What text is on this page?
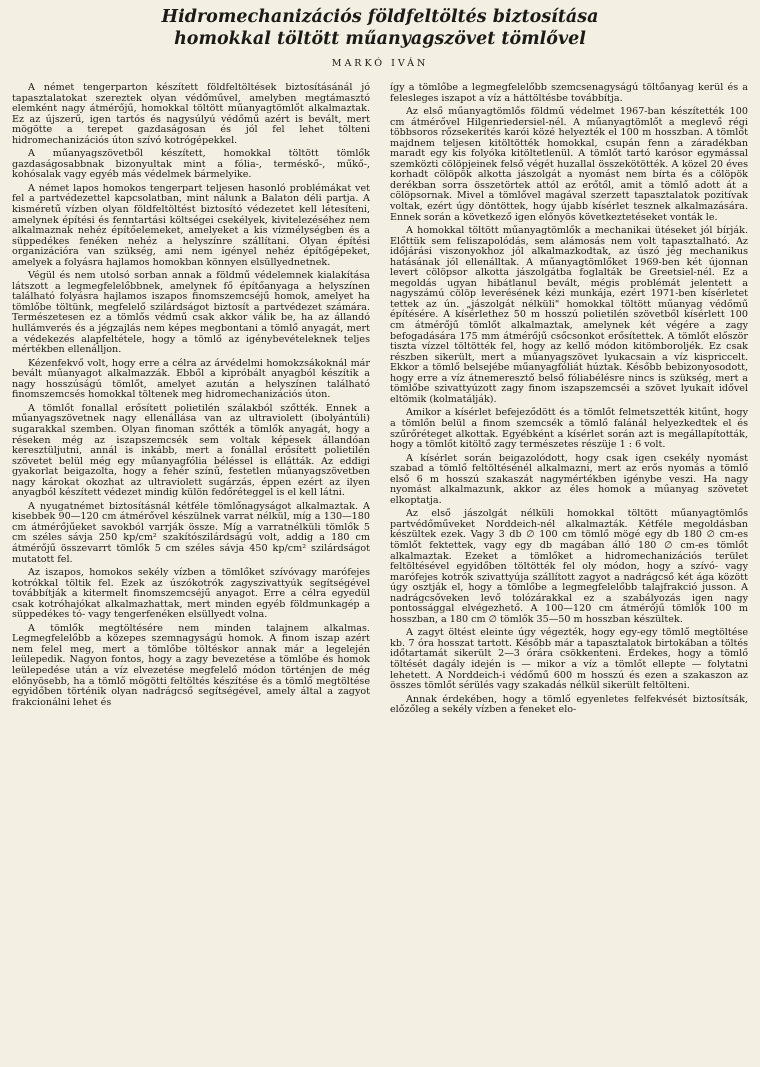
Hidromechanizációs földfeltöltés biztosítása
homokkal töltött műanyagszövet tömlővel
MARKÓ IVÁN

A német tengerparton készített földfeltöltések biztosításánál jó tapasztalatokat szereztek olyan védőművel, amelyben megtámasztó elemként nagy átmérőjű, homokkal töltött műanyagtömlőt alkalmaztak. Ez az újszerű, igen tartós és nagysúlyú védőmű azért is bevált, mert mögötte a terepet gazdaságosan és jól fel lehet tölteni hidromechanizációs úton szívó kotrógépekkel.

A műanyagszövetből készített, homokkal töltött tömlők gazdaságosabbnak bizonyultak mint a fólia-, terméskő-, műkő-, kohósalak vagy egyéb más védelmek bármelyike.

A német lapos homokos tengerpart teljesen hasonló problémákat vet fel a partvédezettel kapcsolatban, mint nálunk a Balaton déli partja. A kisméretű vízben olyan földfeltöltést biztosító védezetet kell létesíteni, amelynek építési és fenntartási költségei csekélyek, kivitelezéséhez nem alkalmaznak nehéz építőelemeket, amelyeket a kis vízmélységben és a süppedékes fenéken nehéz a helyszínre szállítani. Olyan építési organizációra van szükség, ami nem igényel nehéz építőgépeket, amelyek a folyásra hajlamos homokban könnyen elsüllyednetnek.

Végül és nem utolsó sorban annak a földmű védelemnek kialakítása látszott a legmegfelelőbbnek, amelynek fő építőanyaga a helyszínen található folyásra hajlamos iszapos finomszemcséjű homok, amelyet ha tömlőbe töltünk, megfelelő szilárdságot biztosít a partvédezet számára. Természetesen ez a tömlős védmű csak akkor válik be, ha az állandó hullámverés és a jégzajlás nem képes megbontani a tömlő anyagát, mert a védekezés alapfeltétele, hogy a tömlő az igénybevételeknek teljes mértékben ellenálljon.

Kézenfekvő volt, hogy erre a célra az árvédelmi homokzsákoknál már bevált műanyagot alkalmazzák. Ebből a kipróbált anyagból készítik a nagy hosszúságú tömlőt, amelyet azután a helyszínen található finomszemcsés homokkal töltenek meg hidromechanizációs úton.

A tömlőt fonallal erősített polietilén szálakból szőtték. Ennek a műanyagszövetnek nagy ellenállása van az ultraviolett (ibolyántúli) sugarakkal szemben. Olyan finoman szőtték a tömlők anyagát, hogy a réseken még az iszapszemcsék sem voltak képesek állandóan keresztüljutni, annál is inkább, mert a fonállal erősített polietilén szövetet belül még egy műanyagfólia béléssel is ellátták. Az eddigi gyakorlat beigazolta, hogy a fehér színű, festetlen műanyagszövetben nagy károkat okozhat az ultraviolett sugárzás, éppen ezért az ilyen anyagból készített védezet mindig külön fedőréteggel is el kell látni.

A nyugatnémet biztosításnál kétféle tömlőnagyságot alkalmaztak. A kisebbek 90—120 cm átmérővel készülnek varrat nélkül, míg a 130—180 cm átmérőjűeket savokból varrják össze. Míg a varratnélküli tömlők 5 cm széles sávja 250 kp/cm² szakítószilárdságú volt, addig a 180 cm átmérőjű összevarrt tömlők 5 cm széles sávja 450 kp/cm² szilárdságot mutatott fel.

Az iszapos, homokos sekély vízben a tömlőket szívóvagy marófejes kotrókkal töltik fel. Ezek az úszókotrók zagyszivattyúk segítségével továbbítják a kitermelt finomszemcséjű anyagot. Erre a célra egyedül csak kotróhajókat alkalmazhattak, mert minden egyéb földmunkagép a süppedékes tó- vagy tengerfenéken elsüllyedt volna.

A tömlők megtöltésére nem minden talajnem alkalmas. Legmegfelelőbb a közepes szemnagyságú homok. A finom iszap azért nem felel meg, mert a tömlőbe töltéskor annak már a legelején leülepedik. Nagyon fontos, hogy a zagy bevezetése a tömlőbe és homok leülepedése után a víz elvezetése megfelelő módon történjen de még előnyösebb, ha a tömlő mögötti feltöltés készítése és a tömlő megtöltése egyidőben történik olyan nadrágcső segítségével, amely által a zagyot frakcionálni lehet és

így a tömlőbe a legmegfelelőbb szemcsenagyságú töltőanyag kerül és a felesleges iszapot a víz a háttöltésbe továbbítja.

Az első műanyagtömlős földmű védelmet 1967-ban készítették 100 cm átmérővel Hilgenriedersiel-nél. A műanyagtömlőt a meglevő régi többsoros rőzsekerítés karói közé helyezték el 100 m hosszban. A tömlőt majdnem teljesen kitöltötték homokkal, csupán fenn a záradékban maradt egy kis folyóka kitöltetlenül. A tömlőt tartó karósor egymással szemközti cölöpjeinek felső végét huzallal összekötötték. A közel 20 éves korhadt cölöpök alkotta jászolgát a nyomást nem bírta és a cölöpök derékban sorra összetörtek attól az erőtől, amit a tömlő adott át a cölöpsornak. Mivel a tömlővel magával szerzett tapasztalatok pozitívak voltak, ezért úgy döntöttek, hogy újabb kísérlet tesznek alkalmazására. Ennek során a következő igen előnyös következtetéseket vonták le.

A homokkal töltött műanyagtömlők a mechanikai ütéseket jól bírják. Előttük sem feliszapolódás, sem alámosás nem volt tapasztalható. Az időjárási viszonyokhoz jól alkalmazkodtak, az úszó jég mechanikus hatásának jól ellenálltak. A műanyagtömlőket 1969-ben két újonnan levert cölöpsor alkotta jászolgátba foglalták be Greetsiel-nél. Ez a megoldás ugyan hibátlanul bevált, mégis problémát jelentett a nagyszámú cölöp leverésének kézi munkája, ezért 1971-ben kísérletet tettek az ún. „jászolgát nélküli" homokkal töltött műanyag védőmű építésére. A kísérlethez 50 m hosszú polietilén szövetből kísérlett 100 cm átmérőjű tömlőt alkalmaztak, amelynek két végére a zagy befogadására 175 mm átmérőjű csőcsonkot erősítettek. A tömlőt először tiszta vízzel töltötték fel, hogy az kellő módon kitömboroljék. Ez csak részben sikerült, mert a műanyagszövet lyukacsain a víz kispriccelt. Ekkor a tömlő belsejébe műanyagfóliát húztak. Később bebizonyosodott, hogy erre a víz átnemeresztő belső fóliabélésre nincs is szükség, mert a tömlőbe szivattyúzott zagy finom iszapszemcséi a szövet lyukait idővel eltömik (kolmatálják).

Amikor a kísérlet befejeződött és a tömlőt felmetszették kitűnt, hogy a tömlőn belül a finom szemcsék a tömlő falánál helyezkedtek el és szűrőréteget alkottak. Egyébként a kísérlet során azt is megállapították, hogy a tömlőt kitöltő zagy természetes részüje 1 : 6 volt.

A kísérlet során beigazolódott, hogy csak igen csekély nyomást szabad a tömlő feltöltésénél alkalmazni, mert az erős nyomás a tömlő első 6 m hosszú szakaszát nagymértékben igénybe veszi. Ha nagy nyomást alkalmazunk, akkor az éles homok a műanyag szövetet elkoptatja.

Az első jászolgát nélküli homokkal töltött műanyagtömlős partvédőműveket Norddeich-nél alkalmazták. Kétféle megoldásban készültek ezek. Vagy 3 db ∅ 100 cm tömlő mögé egy db 180 ∅ cm-es tömlőt fektettek, vagy egy db magában álló 180 ∅ cm-es tömlőt alkalmaztak. Ezeket a tömlőket a hidromechanizációs terület feltöltésével egyidőben töltötték fel oly módon, hogy a szívó- vagy marófejes kotrók szivattyúja szállított zagyot a nadrágcső két ága között úgy osztják el, hogy a tömlőbe a legmegfelelőbb talajfrakció jusson. A nadrágcsőveken levő tolózárakkal ez a szabályozás igen nagy pontossággal elvégezhető. A 100—120 cm átmérőjű tömlők 100 m hosszban, a 180 cm ∅ tömlők 35—50 m hosszban készültek.

A zagyt öltést eleinte úgy végezték, hogy egy-egy tömlő megtöltése kb. 7 óra hosszat tartott. Később már a tapasztalatok birtokában a töltés időtartamát sikerült 2—3 órára csökkenteni. Érdekes, hogy a tömlő töltését dagály idején is — mikor a víz a tömlőt ellepte — folytatni lehetett. A Norddeich-i védőmű 600 m hosszú és ezen a szakaszon az összes tömlőt sérülés vagy szakadás nélkül sikerült feltölteni.

Annak érdekében, hogy a tömlő egyenletes felfekvését biztosítsák, előzőleg a sekély vízben a feneket elo-
